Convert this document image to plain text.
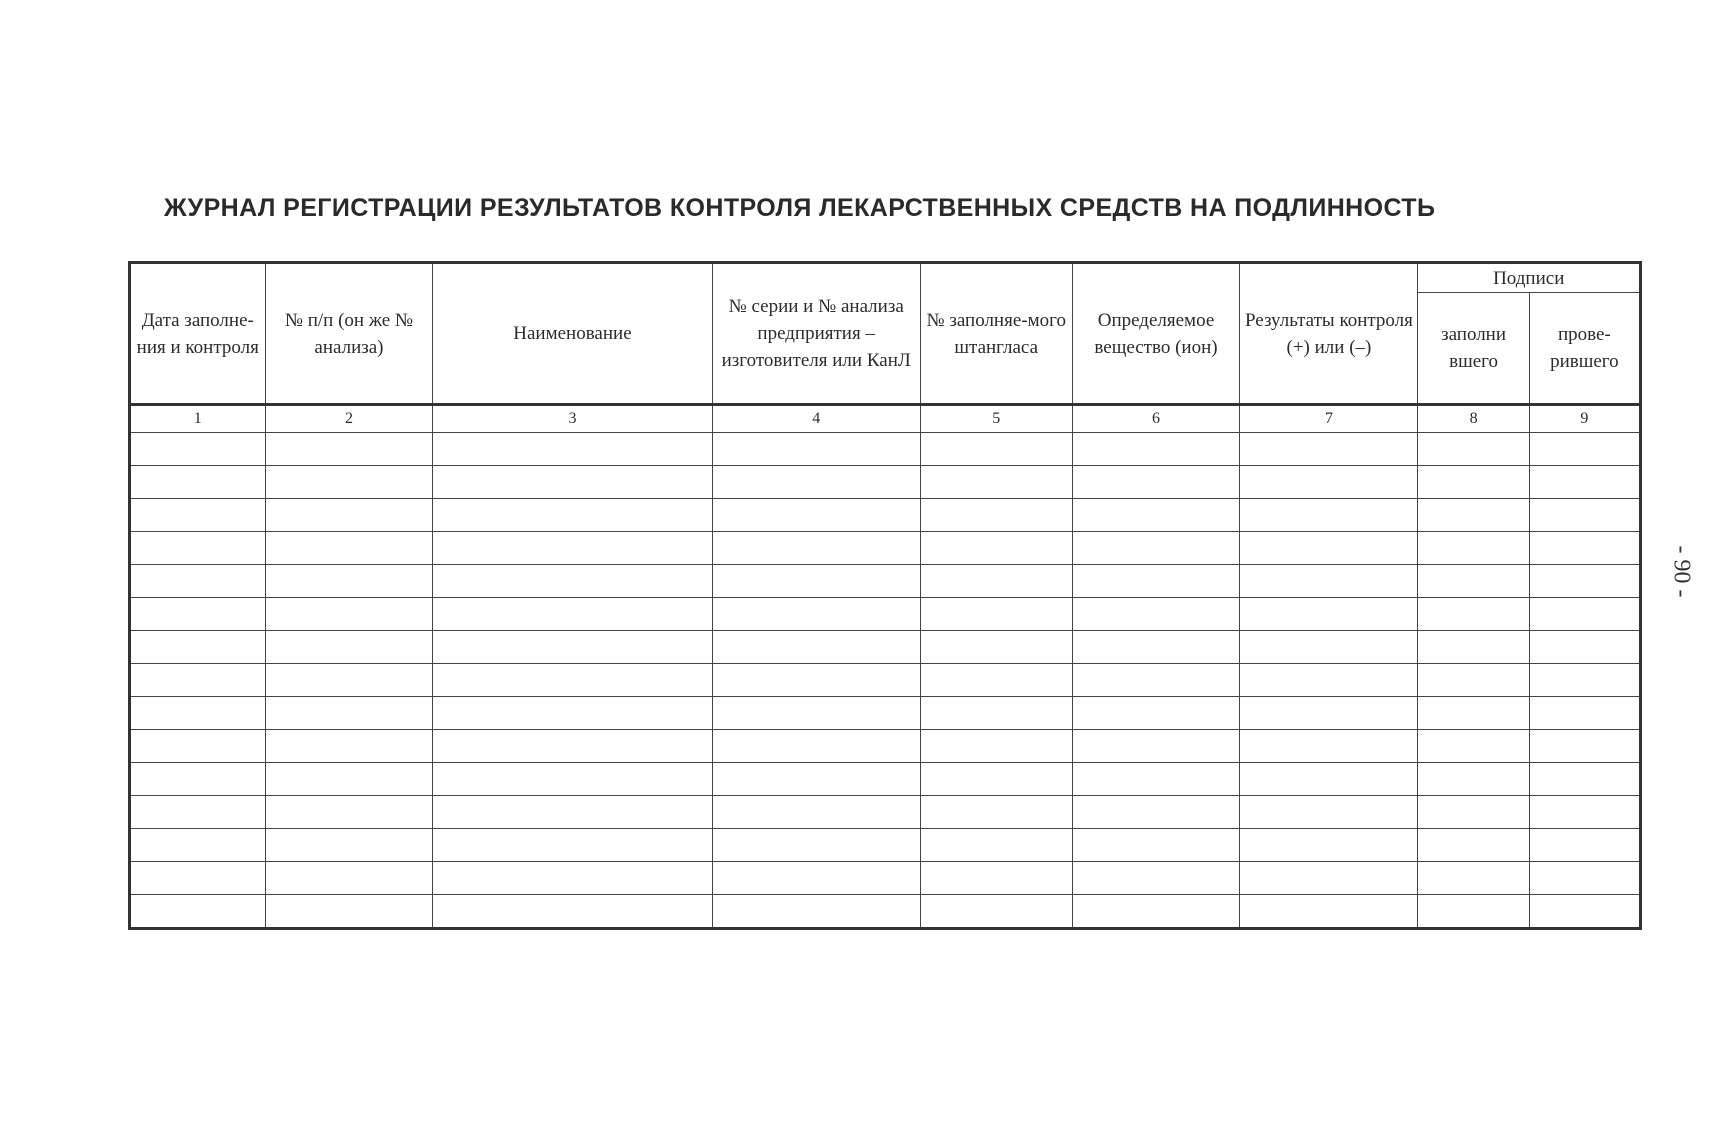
ЖУРНАЛ РЕГИСТРАЦИИ РЕЗУЛЬТАТОВ КОНТРОЛЯ ЛЕКАРСТВЕННЫХ СРЕДСТВ НА ПОДЛИННОСТЬ
Дата заполне-ния и контроля	№ п/п (он же № анализа)	Наименование	№ серии и № анализа предприятия – изготовителя или КанЛ	№ заполняе-мого штангласа	Определяемое вещество (ион)	Результаты контроля (+) или (–)	Подписи	

							заполни вшего	прове-рившего

1	2	3	4	5	6	7	8	9

- 90 -
